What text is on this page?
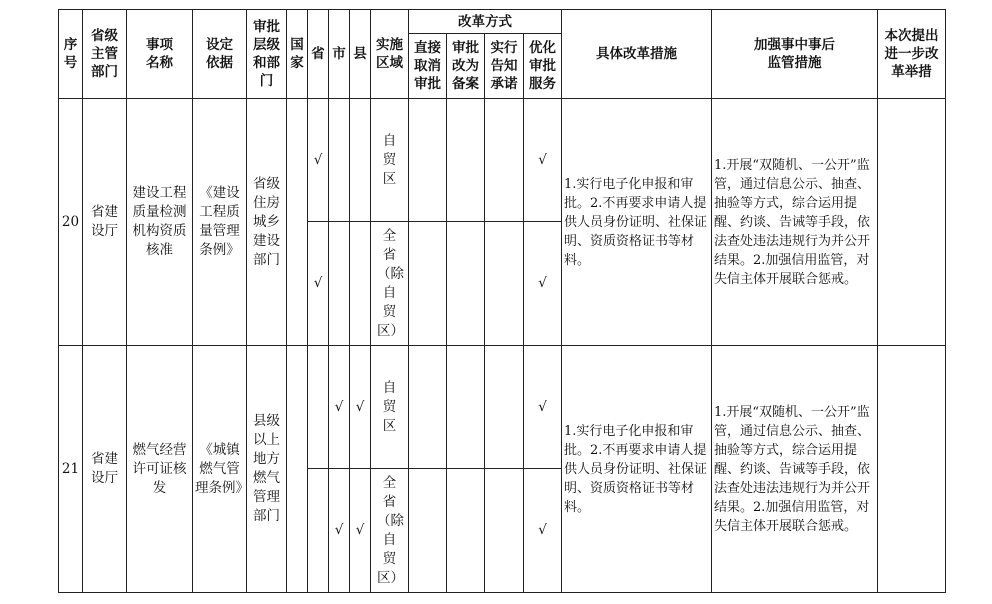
序号	省级主管部门	事项名称	设定依据	审批层级和部门	国家	省	市	县	实施区域	改革方式				具体改革措施	加强事中事后监管措施	本次提出进一步改革举措

										直接取消审批	审批改为备案	实行告知承诺	优化审批服务			

20	省建设厅	建设工程质量检测机构资质核准	《建设工程质量管理条例》	省级住房城乡建设部门		√			自贸区				√	1.实行电子化申报和审批。2.不再要求申请人提供人员身份证明、社保证明、资质资格证书等材料。	1.开展“双随机、一公开”监管，通过信息公示、抽查、抽验等方式，综合运用提醒、约谈、告诫等手段，依法查处违法违规行为并公开结果。2.加强信用监管，对失信主体开展联合惩戒。	

						√			全省（除自贸区）				√			
21	省建设厅	燃气经营许可证核发	《城镇燃气管理条例》	县级以上地方燃气管理部门			√	√	自贸区				√	1.实行电子化申报和审批。2.不再要求申请人提供人员身份证明、社保证明、资质资格证书等材料。	1.开展“双随机、一公开”监管，通过信息公示、抽查、抽验等方式，综合运用提醒、约谈、告诫等手段，依法查处违法违规行为并公开结果。2.加强信用监管，对失信主体开展联合惩戒。	

							√	√	全省（除自贸区）				√			
